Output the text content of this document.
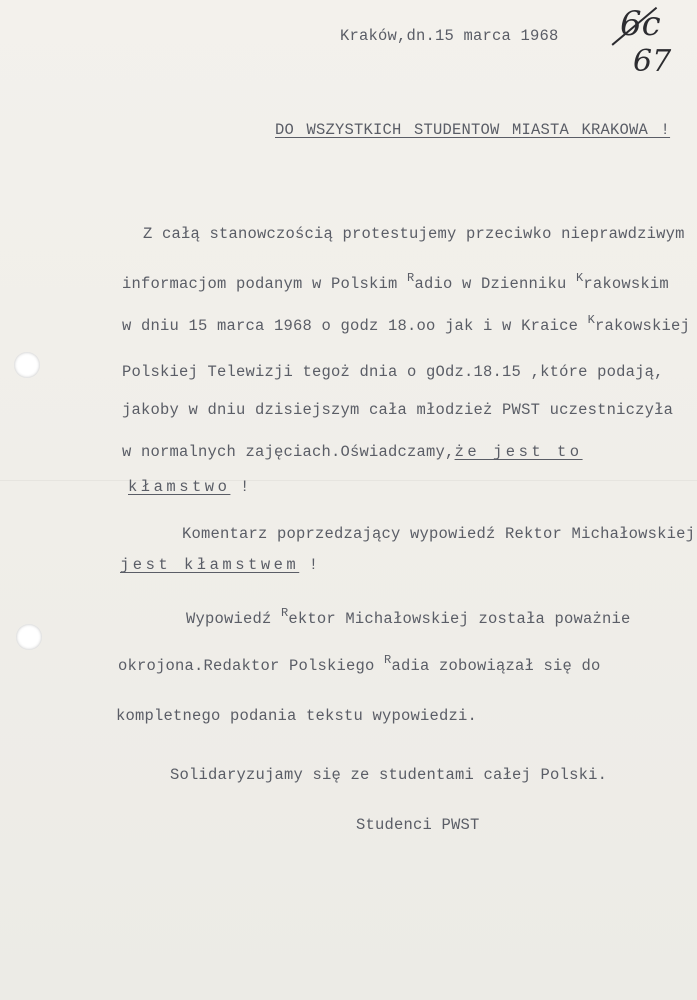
6c
67
Kraków,dn.15 marca 1968
DO WSZYSTKICH STUDENTOW MIASTA KRAKOWA !
Z całą stanowczością protestujemy przeciwko nieprawdziwym
informacjom podanym w Polskim $^R$adio w Dzienniku $^K$rakowskim
w dniu 15 marca 1968 o godz 18.oo jak i w Kraice $^K$rakowskiej
Polskiej Telewizji tegoż dnia o gOdz.18.15 ,które podają,
jakoby w dniu dzisiejszym cała młodzież PWST uczestniczyła
w normalnych zajęciach.Oświadczamy,że jest to
kłamstwo !
Komentarz poprzedzający wypowiedź Rektor Michałowskiej
jest kłamstwem !
Wypowiedź $^R$ektor Michałowskiej została poważnie
okrojona.Redaktor Polskiego $^R$adia zobowiązał się do
kompletnego podania tekstu wypowiedzi.
Solidaryzujamy się ze studentami całej Polski.
Studenci PWST
